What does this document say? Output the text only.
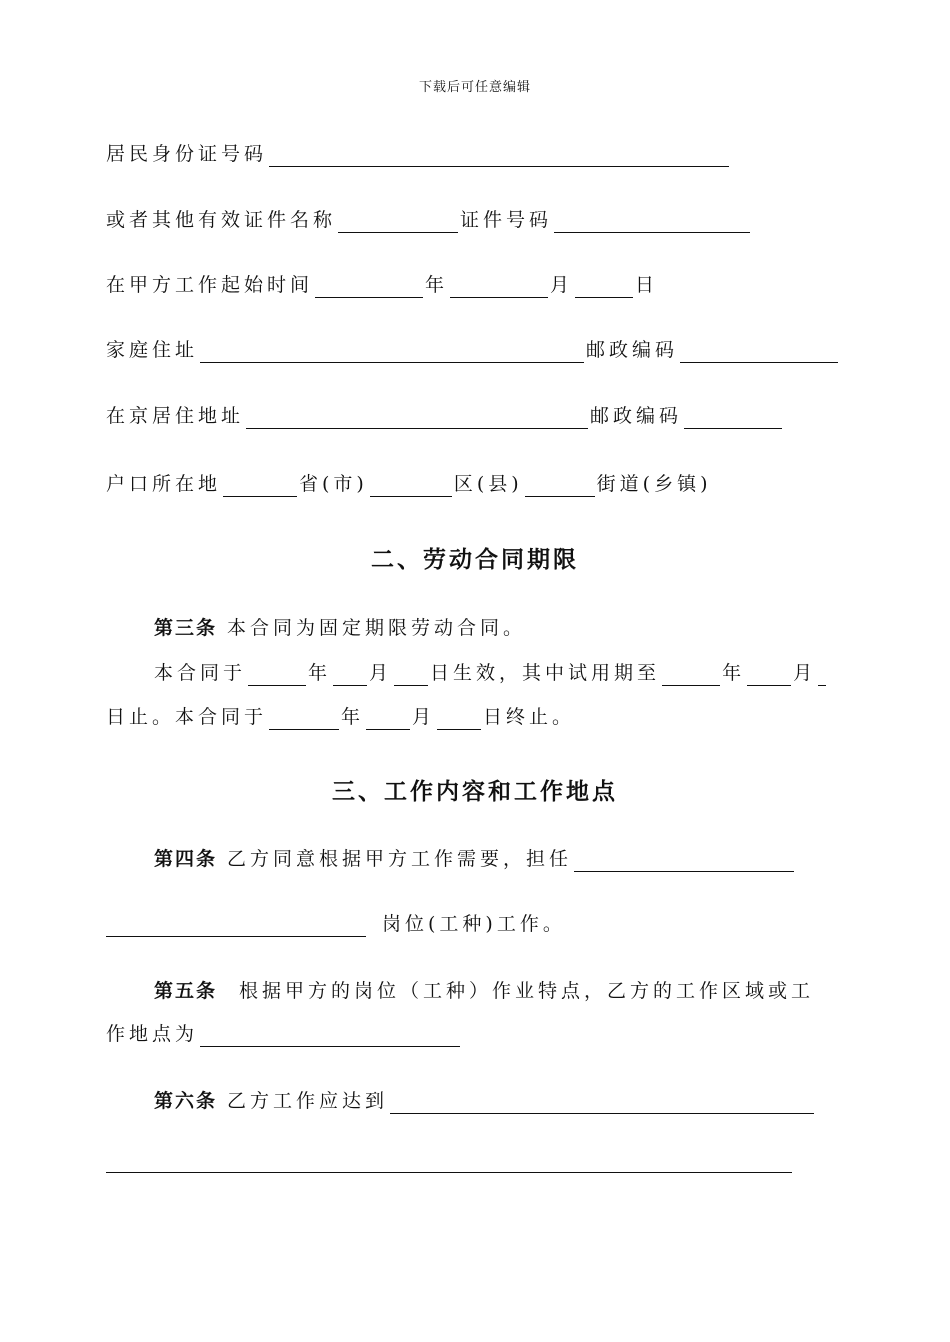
下载后可任意编辑
居民身份证号码
或者其他有效证件名称	证件号码
在甲方工作起始时间	年	月	日
家庭住址	邮政编码
在京居住地址	邮政编码
户口所在地	省(市)	区(县)	街道(乡镇)
二、劳动合同期限
第三条 本合同为固定期限劳动合同。
本合同于	年 月 日生效，其中试用期至	年	月
日止。本合同于	年	月	日终止。
三、工作内容和工作地点
第四条 乙方同意根据甲方工作需要，担任
岗位(工种)工作。
第五条 根据甲方的岗位（工种）作业特点，乙方的工作区域或工
作地点为
第六条 乙方工作应达到
